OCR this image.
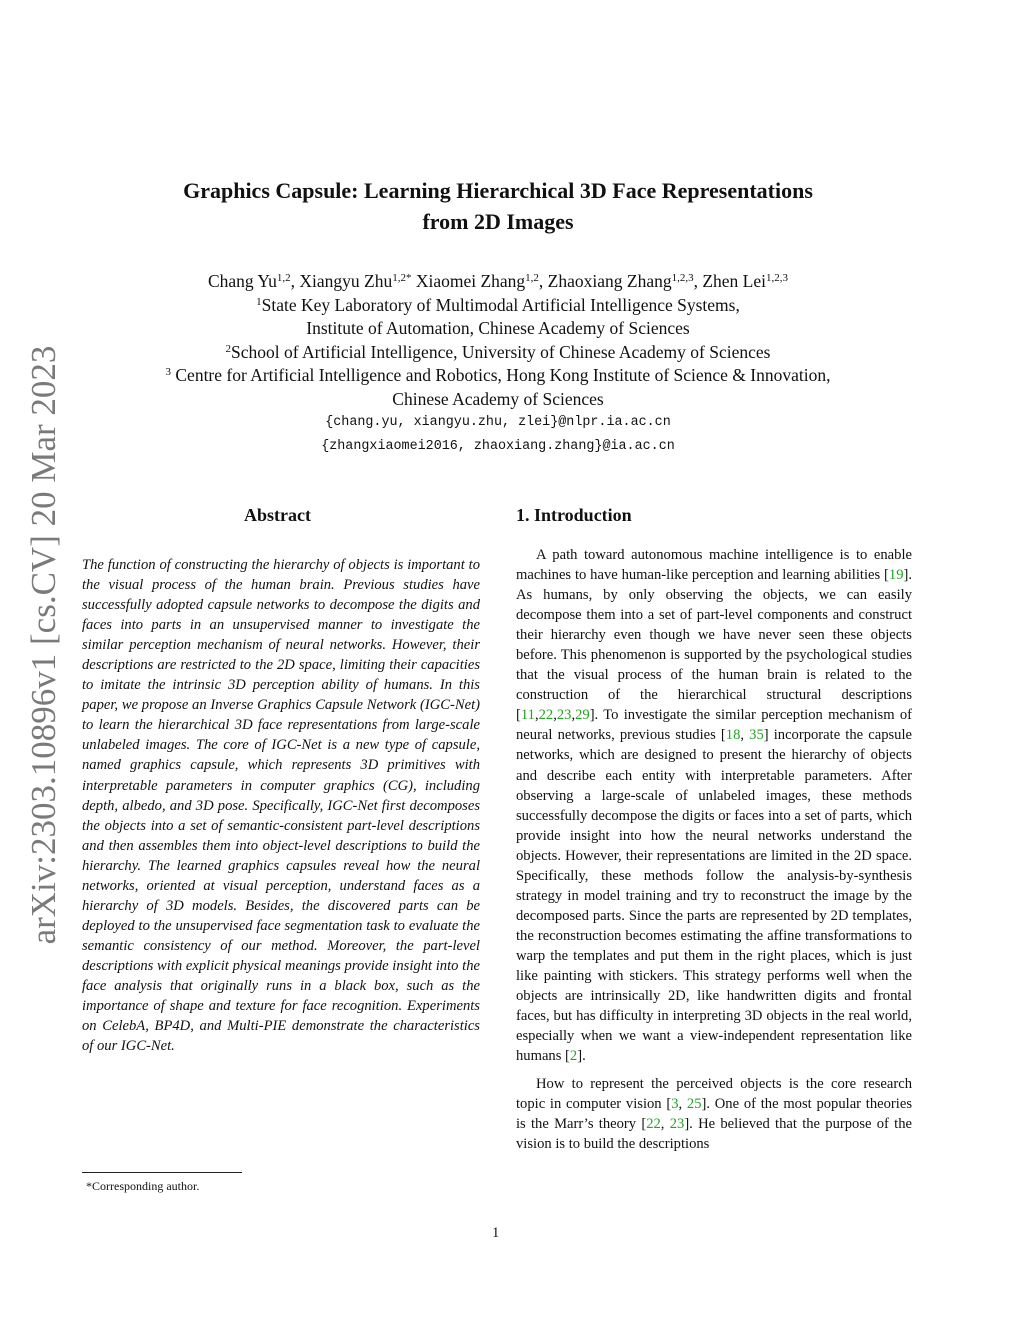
arXiv:2303.10896v1 [cs.CV] 20 Mar 2023
Graphics Capsule: Learning Hierarchical 3D Face Representations
from 2D Images
Chang Yu$^{1,2}$, Xiangyu Zhu$^{1,2*}$ Xiaomei Zhang$^{1,2}$, Zhaoxiang Zhang$^{1,2,3}$, Zhen Lei$^{1,2,3}$
$^1$State Key Laboratory of Multimodal Artificial Intelligence Systems,
Institute of Automation, Chinese Academy of Sciences
$^2$School of Artificial Intelligence, University of Chinese Academy of Sciences
$^3$ Centre for Artificial Intelligence and Robotics, Hong Kong Institute of Science & Innovation,
Chinese Academy of Sciences
{chang.yu, xiangyu.zhu, zlei}@nlpr.ia.ac.cn
{zhangxiaomei2016, zhaoxiang.zhang}@ia.ac.cn
Abstract
The function of constructing the hierarchy of objects is important to the visual process of the human brain. Previous studies have successfully adopted capsule networks to decompose the digits and faces into parts in an unsupervised manner to investigate the similar perception mechanism of neural networks. However, their descriptions are restricted to the 2D space, limiting their capacities to imitate the intrinsic 3D perception ability of humans. In this paper, we propose an Inverse Graphics Capsule Network (IGC-Net) to learn the hierarchical 3D face representations from large-scale unlabeled images. The core of IGC-Net is a new type of capsule, named graphics capsule, which represents 3D primitives with interpretable parameters in computer graphics (CG), including depth, albedo, and 3D pose. Specifically, IGC-Net first decomposes the objects into a set of semantic-consistent part-level descriptions and then assembles them into object-level descriptions to build the hierarchy. The learned graphics capsules reveal how the neural networks, oriented at visual perception, understand faces as a hierarchy of 3D models. Besides, the discovered parts can be deployed to the unsupervised face segmentation task to evaluate the semantic consistency of our method. Moreover, the part-level descriptions with explicit physical meanings provide insight into the face analysis that originally runs in a black box, such as the importance of shape and texture for face recognition. Experiments on CelebA, BP4D, and Multi-PIE demonstrate the characteristics of our IGC-Net.
1. Introduction
A path toward autonomous machine intelligence is to enable machines to have human-like perception and learning abilities [19]. As humans, by only observing the objects, we can easily decompose them into a set of part-level components and construct their hierarchy even though we have never seen these objects before. This phenomenon is supported by the psychological studies that the visual process of the human brain is related to the construction of the hierarchical structural descriptions [11,22,23,29]. To investigate the similar perception mechanism of neural networks, previous studies [18, 35] incorporate the capsule networks, which are designed to present the hierarchy of objects and describe each entity with interpretable parameters. After observing a large-scale of unlabeled images, these methods successfully decompose the digits or faces into a set of parts, which provide insight into how the neural networks understand the objects. However, their representations are limited in the 2D space. Specifically, these methods follow the analysis-by-synthesis strategy in model training and try to reconstruct the image by the decomposed parts. Since the parts are represented by 2D templates, the reconstruction becomes estimating the affine transformations to warp the templates and put them in the right places, which is just like painting with stickers. This strategy performs well when the objects are intrinsically 2D, like handwritten digits and frontal faces, but has difficulty in interpreting 3D objects in the real world, especially when we want a view-independent representation like humans [2].
How to represent the perceived objects is the core research topic in computer vision [3, 25]. One of the most popular theories is the Marr’s theory [22, 23]. He believed that the purpose of the vision is to build the descriptions
*Corresponding author.
1
